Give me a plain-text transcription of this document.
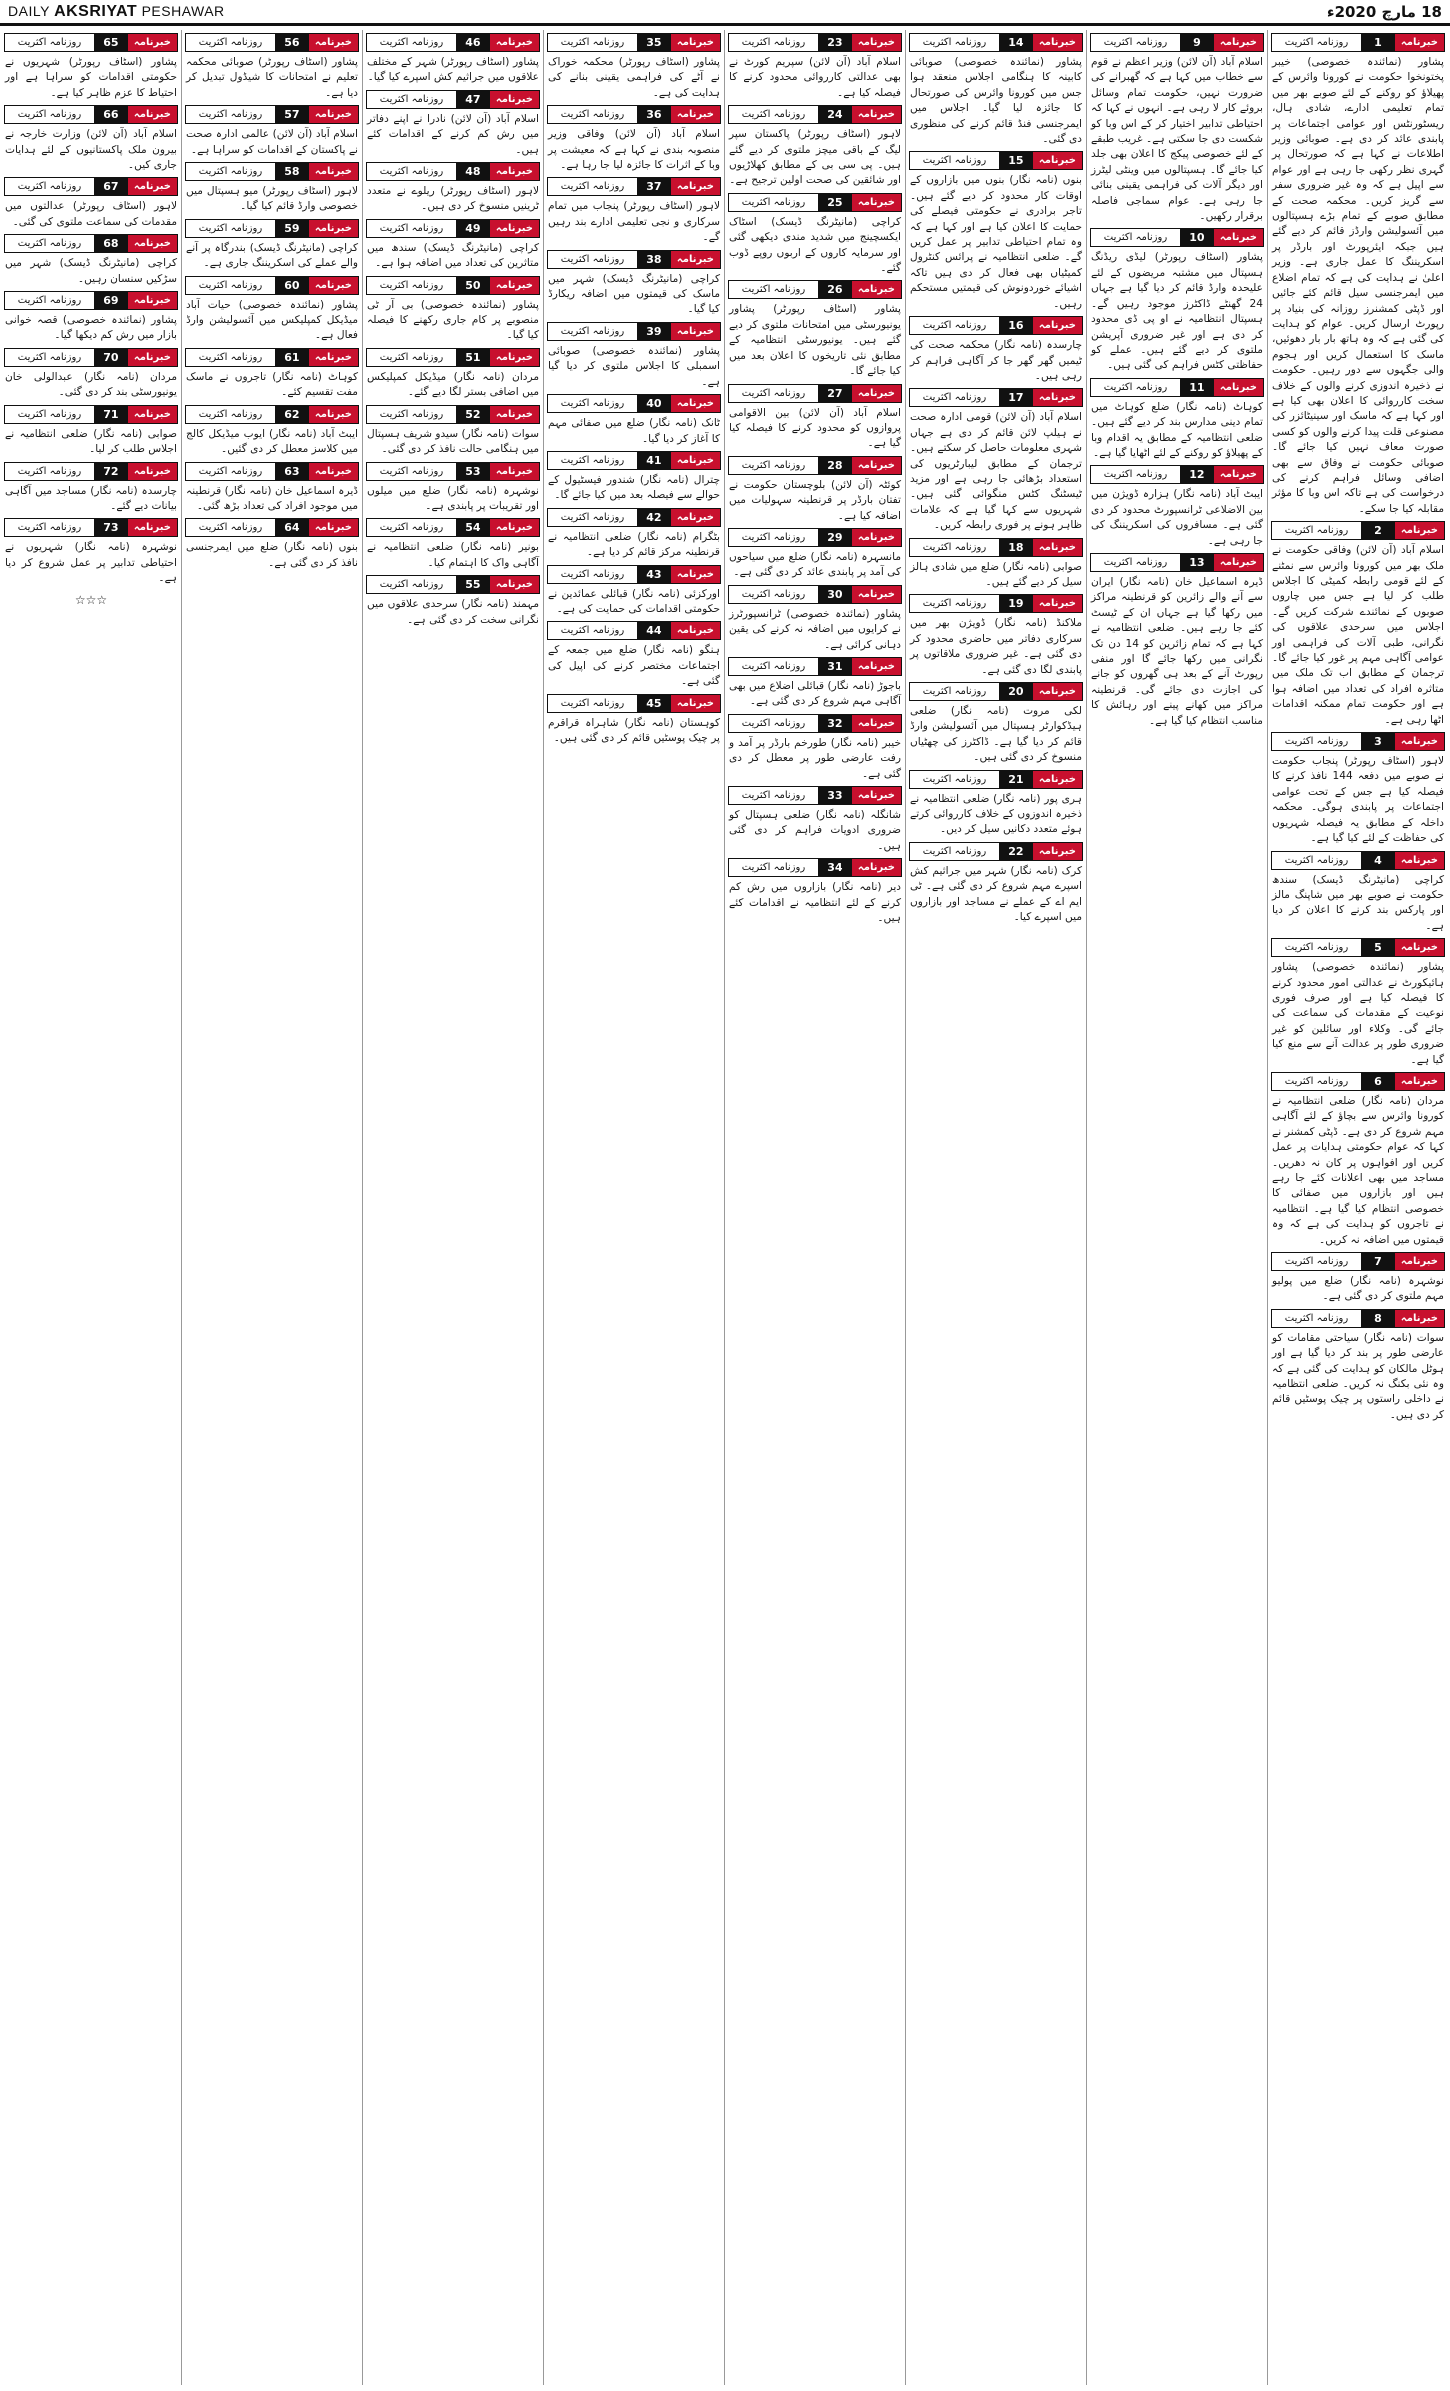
DAILY AKSRIYAT PESHAWAR	18 مارچ 2020ء
خبرنامہ
1
روزنامہ اکثریت

پشاور (نمائندہ خصوصی) خیبر پختونخوا حکومت نے کورونا وائرس کے پھیلاؤ کو روکنے کے لئے صوبے بھر میں تمام تعلیمی ادارے، شادی ہال، ریسٹورنٹس اور عوامی اجتماعات پر پابندی عائد کر دی ہے۔ صوبائی وزیر اطلاعات نے کہا ہے کہ صورتحال پر گہری نظر رکھی جا رہی ہے اور عوام سے اپیل ہے کہ وہ غیر ضروری سفر سے گریز کریں۔ محکمہ صحت کے مطابق صوبے کے تمام بڑے ہسپتالوں میں آئسولیشن وارڈز قائم کر دیے گئے ہیں جبکہ ایئرپورٹ اور بارڈر پر اسکریننگ کا عمل جاری ہے۔ وزیر اعلیٰ نے ہدایت کی ہے کہ تمام اضلاع میں ایمرجنسی سیل قائم کئے جائیں اور ڈپٹی کمشنرز روزانہ کی بنیاد پر رپورٹ ارسال کریں۔ عوام کو ہدایت کی گئی ہے کہ وہ ہاتھ بار بار دھوئیں، ماسک کا استعمال کریں اور ہجوم والی جگہوں سے دور رہیں۔ حکومت نے ذخیرہ اندوزی کرنے والوں کے خلاف سخت کارروائی کا اعلان بھی کیا ہے اور کہا ہے کہ ماسک اور سینیٹائزر کی مصنوعی قلت پیدا کرنے والوں کو کسی صورت معاف نہیں کیا جائے گا۔ صوبائی حکومت نے وفاق سے بھی اضافی وسائل فراہم کرنے کی درخواست کی ہے تاکہ اس وبا کا مؤثر مقابلہ کیا جا سکے۔

خبرنامہ
2
روزنامہ اکثریت

اسلام آباد (آن لائن) وفاقی حکومت نے ملک بھر میں کورونا وائرس سے نمٹنے کے لئے قومی رابطہ کمیٹی کا اجلاس طلب کر لیا ہے جس میں چاروں صوبوں کے نمائندے شرکت کریں گے۔ اجلاس میں سرحدی علاقوں کی نگرانی، طبی آلات کی فراہمی اور عوامی آگاہی مہم پر غور کیا جائے گا۔ ترجمان کے مطابق اب تک ملک میں متاثرہ افراد کی تعداد میں اضافہ ہوا ہے اور حکومت تمام ممکنہ اقدامات اٹھا رہی ہے۔

خبرنامہ
3
روزنامہ اکثریت

لاہور (اسٹاف رپورٹر) پنجاب حکومت نے صوبے میں دفعہ 144 نافذ کرنے کا فیصلہ کیا ہے جس کے تحت عوامی اجتماعات پر پابندی ہوگی۔ محکمہ داخلہ کے مطابق یہ فیصلہ شہریوں کی حفاظت کے لئے کیا گیا ہے۔

خبرنامہ
4
روزنامہ اکثریت

کراچی (مانیٹرنگ ڈیسک) سندھ حکومت نے صوبے بھر میں شاپنگ مالز اور پارکس بند کرنے کا اعلان کر دیا ہے۔

خبرنامہ
5
روزنامہ اکثریت

پشاور (نمائندہ خصوصی) پشاور ہائیکورٹ نے عدالتی امور محدود کرنے کا فیصلہ کیا ہے اور صرف فوری نوعیت کے مقدمات کی سماعت کی جائے گی۔ وکلاء اور سائلین کو غیر ضروری طور پر عدالت آنے سے منع کیا گیا ہے۔

خبرنامہ
6
روزنامہ اکثریت

مردان (نامہ نگار) ضلعی انتظامیہ نے کورونا وائرس سے بچاؤ کے لئے آگاہی مہم شروع کر دی ہے۔ ڈپٹی کمشنر نے کہا کہ عوام حکومتی ہدایات پر عمل کریں اور افواہوں پر کان نہ دھریں۔ مساجد میں بھی اعلانات کئے جا رہے ہیں اور بازاروں میں صفائی کا خصوصی انتظام کیا گیا ہے۔ انتظامیہ نے تاجروں کو ہدایت کی ہے کہ وہ قیمتوں میں اضافہ نہ کریں۔

خبرنامہ
7
روزنامہ اکثریت

نوشہرہ (نامہ نگار) ضلع میں پولیو مہم ملتوی کر دی گئی ہے۔

خبرنامہ
8
روزنامہ اکثریت

سوات (نامہ نگار) سیاحتی مقامات کو عارضی طور پر بند کر دیا گیا ہے اور ہوٹل مالکان کو ہدایت کی گئی ہے کہ وہ نئی بکنگ نہ کریں۔ ضلعی انتظامیہ نے داخلی راستوں پر چیک پوسٹیں قائم کر دی ہیں۔

خبرنامہ
9
روزنامہ اکثریت

اسلام آباد (آن لائن) وزیر اعظم نے قوم سے خطاب میں کہا ہے کہ گھبرانے کی ضرورت نہیں، حکومت تمام وسائل بروئے کار لا رہی ہے۔ انہوں نے کہا کہ احتیاطی تدابیر اختیار کر کے اس وبا کو شکست دی جا سکتی ہے۔ غریب طبقے کے لئے خصوصی پیکج کا اعلان بھی جلد کیا جائے گا۔ ہسپتالوں میں وینٹی لیٹرز اور دیگر آلات کی فراہمی یقینی بنائی جا رہی ہے۔ عوام سماجی فاصلہ برقرار رکھیں۔

خبرنامہ
10
روزنامہ اکثریت

پشاور (اسٹاف رپورٹر) لیڈی ریڈنگ ہسپتال میں مشتبہ مریضوں کے لئے علیحدہ وارڈ قائم کر دیا گیا ہے جہاں 24 گھنٹے ڈاکٹرز موجود رہیں گے۔ ہسپتال انتظامیہ نے او پی ڈی محدود کر دی ہے اور غیر ضروری آپریشن ملتوی کر دیے گئے ہیں۔ عملے کو حفاظتی کٹس فراہم کی گئی ہیں۔

خبرنامہ
11
روزنامہ اکثریت

کوہاٹ (نامہ نگار) ضلع کوہاٹ میں تمام دینی مدارس بند کر دیے گئے ہیں۔ ضلعی انتظامیہ کے مطابق یہ اقدام وبا کے پھیلاؤ کو روکنے کے لئے اٹھایا گیا ہے۔

خبرنامہ
12
روزنامہ اکثریت

ایبٹ آباد (نامہ نگار) ہزارہ ڈویژن میں بین الاضلاعی ٹرانسپورٹ محدود کر دی گئی ہے۔ مسافروں کی اسکریننگ کی جا رہی ہے۔

خبرنامہ
13
روزنامہ اکثریت

ڈیرہ اسماعیل خان (نامہ نگار) ایران سے آنے والے زائرین کو قرنطینہ مراکز میں رکھا گیا ہے جہاں ان کے ٹیسٹ کئے جا رہے ہیں۔ ضلعی انتظامیہ نے کہا ہے کہ تمام زائرین کو 14 دن تک نگرانی میں رکھا جائے گا اور منفی رپورٹ آنے کے بعد ہی گھروں کو جانے کی اجازت دی جائے گی۔ قرنطینہ مراکز میں کھانے پینے اور رہائش کا مناسب انتظام کیا گیا ہے۔

خبرنامہ
14
روزنامہ اکثریت

پشاور (نمائندہ خصوصی) صوبائی کابینہ کا ہنگامی اجلاس منعقد ہوا جس میں کورونا وائرس کی صورتحال کا جائزہ لیا گیا۔ اجلاس میں ایمرجنسی فنڈ قائم کرنے کی منظوری دی گئی۔

خبرنامہ
15
روزنامہ اکثریت

بنوں (نامہ نگار) بنوں میں بازاروں کے اوقات کار محدود کر دیے گئے ہیں۔ تاجر برادری نے حکومتی فیصلے کی حمایت کا اعلان کیا ہے اور کہا ہے کہ وہ تمام احتیاطی تدابیر پر عمل کریں گے۔ ضلعی انتظامیہ نے پرائس کنٹرول کمیٹیاں بھی فعال کر دی ہیں تاکہ اشیائے خوردونوش کی قیمتیں مستحکم رہیں۔

خبرنامہ
16
روزنامہ اکثریت

چارسدہ (نامہ نگار) محکمہ صحت کی ٹیمیں گھر گھر جا کر آگاہی فراہم کر رہی ہیں۔

خبرنامہ
17
روزنامہ اکثریت

اسلام آباد (آن لائن) قومی ادارہ صحت نے ہیلپ لائن قائم کر دی ہے جہاں شہری معلومات حاصل کر سکتے ہیں۔ ترجمان کے مطابق لیبارٹریوں کی استعداد بڑھائی جا رہی ہے اور مزید ٹیسٹنگ کٹس منگوائی گئی ہیں۔ شہریوں سے کہا گیا ہے کہ علامات ظاہر ہونے پر فوری رابطہ کریں۔

خبرنامہ
18
روزنامہ اکثریت

صوابی (نامہ نگار) ضلع میں شادی ہالز سیل کر دیے گئے ہیں۔

خبرنامہ
19
روزنامہ اکثریت

ملاکنڈ (نامہ نگار) ڈویژن بھر میں سرکاری دفاتر میں حاضری محدود کر دی گئی ہے۔ غیر ضروری ملاقاتوں پر پابندی لگا دی گئی ہے۔

خبرنامہ
20
روزنامہ اکثریت

لکی مروت (نامہ نگار) ضلعی ہیڈکوارٹر ہسپتال میں آئسولیشن وارڈ قائم کر دیا گیا ہے۔ ڈاکٹرز کی چھٹیاں منسوخ کر دی گئی ہیں۔

خبرنامہ
21
روزنامہ اکثریت

ہری پور (نامہ نگار) ضلعی انتظامیہ نے ذخیرہ اندوزوں کے خلاف کارروائی کرتے ہوئے متعدد دکانیں سیل کر دیں۔

خبرنامہ
22
روزنامہ اکثریت

کرک (نامہ نگار) شہر میں جراثیم کش اسپرے مہم شروع کر دی گئی ہے۔ ٹی ایم اے کے عملے نے مساجد اور بازاروں میں اسپرے کیا۔

خبرنامہ
23
روزنامہ اکثریت

اسلام آباد (آن لائن) سپریم کورٹ نے بھی عدالتی کارروائی محدود کرنے کا فیصلہ کیا ہے۔

خبرنامہ
24
روزنامہ اکثریت

لاہور (اسٹاف رپورٹر) پاکستان سپر لیگ کے باقی میچز ملتوی کر دیے گئے ہیں۔ پی سی بی کے مطابق کھلاڑیوں اور شائقین کی صحت اولین ترجیح ہے۔

خبرنامہ
25
روزنامہ اکثریت

کراچی (مانیٹرنگ ڈیسک) اسٹاک ایکسچینج میں شدید مندی دیکھی گئی اور سرمایہ کاروں کے اربوں روپے ڈوب گئے۔

خبرنامہ
26
روزنامہ اکثریت

پشاور (اسٹاف رپورٹر) پشاور یونیورسٹی میں امتحانات ملتوی کر دیے گئے ہیں۔ یونیورسٹی انتظامیہ کے مطابق نئی تاریخوں کا اعلان بعد میں کیا جائے گا۔

خبرنامہ
27
روزنامہ اکثریت

اسلام آباد (آن لائن) بین الاقوامی پروازوں کو محدود کرنے کا فیصلہ کیا گیا ہے۔

خبرنامہ
28
روزنامہ اکثریت

کوئٹہ (آن لائن) بلوچستان حکومت نے تفتان بارڈر پر قرنطینہ سہولیات میں اضافہ کیا ہے۔

خبرنامہ
29
روزنامہ اکثریت

مانسہرہ (نامہ نگار) ضلع میں سیاحوں کی آمد پر پابندی عائد کر دی گئی ہے۔

خبرنامہ
30
روزنامہ اکثریت

پشاور (نمائندہ خصوصی) ٹرانسپورٹرز نے کرایوں میں اضافہ نہ کرنے کی یقین دہانی کرائی ہے۔

خبرنامہ
31
روزنامہ اکثریت

باجوڑ (نامہ نگار) قبائلی اضلاع میں بھی آگاہی مہم شروع کر دی گئی ہے۔

خبرنامہ
32
روزنامہ اکثریت

خیبر (نامہ نگار) طورخم بارڈر پر آمد و رفت عارضی طور پر معطل کر دی گئی ہے۔

خبرنامہ
33
روزنامہ اکثریت

شانگلہ (نامہ نگار) ضلعی ہسپتال کو ضروری ادویات فراہم کر دی گئی ہیں۔

خبرنامہ
34
روزنامہ اکثریت

دیر (نامہ نگار) بازاروں میں رش کم کرنے کے لئے انتظامیہ نے اقدامات کئے ہیں۔

خبرنامہ
35
روزنامہ اکثریت

پشاور (اسٹاف رپورٹر) محکمہ خوراک نے آٹے کی فراہمی یقینی بنانے کی ہدایت کی ہے۔

خبرنامہ
36
روزنامہ اکثریت

اسلام آباد (آن لائن) وفاقی وزیر منصوبہ بندی نے کہا ہے کہ معیشت پر وبا کے اثرات کا جائزہ لیا جا رہا ہے۔

خبرنامہ
37
روزنامہ اکثریت

لاہور (اسٹاف رپورٹر) پنجاب میں تمام سرکاری و نجی تعلیمی ادارے بند رہیں گے۔

خبرنامہ
38
روزنامہ اکثریت

کراچی (مانیٹرنگ ڈیسک) شہر میں ماسک کی قیمتوں میں اضافہ ریکارڈ کیا گیا۔

خبرنامہ
39
روزنامہ اکثریت

پشاور (نمائندہ خصوصی) صوبائی اسمبلی کا اجلاس ملتوی کر دیا گیا ہے۔

خبرنامہ
40
روزنامہ اکثریت

ٹانک (نامہ نگار) ضلع میں صفائی مہم کا آغاز کر دیا گیا۔

خبرنامہ
41
روزنامہ اکثریت

چترال (نامہ نگار) شندور فیسٹیول کے حوالے سے فیصلہ بعد میں کیا جائے گا۔

خبرنامہ
42
روزنامہ اکثریت

بٹگرام (نامہ نگار) ضلعی انتظامیہ نے قرنطینہ مرکز قائم کر دیا ہے۔

خبرنامہ
43
روزنامہ اکثریت

اورکزئی (نامہ نگار) قبائلی عمائدین نے حکومتی اقدامات کی حمایت کی ہے۔

خبرنامہ
44
روزنامہ اکثریت

ہنگو (نامہ نگار) ضلع میں جمعہ کے اجتماعات مختصر کرنے کی اپیل کی گئی ہے۔

خبرنامہ
45
روزنامہ اکثریت

کوہستان (نامہ نگار) شاہراہ قراقرم پر چیک پوسٹیں قائم کر دی گئی ہیں۔

خبرنامہ
46
روزنامہ اکثریت

پشاور (اسٹاف رپورٹر) شہر کے مختلف علاقوں میں جراثیم کش اسپرے کیا گیا۔

خبرنامہ
47
روزنامہ اکثریت

اسلام آباد (آن لائن) نادرا نے اپنے دفاتر میں رش کم کرنے کے اقدامات کئے ہیں۔

خبرنامہ
48
روزنامہ اکثریت

لاہور (اسٹاف رپورٹر) ریلوے نے متعدد ٹرینیں منسوخ کر دی ہیں۔

خبرنامہ
49
روزنامہ اکثریت

کراچی (مانیٹرنگ ڈیسک) سندھ میں متاثرین کی تعداد میں اضافہ ہوا ہے۔

خبرنامہ
50
روزنامہ اکثریت

پشاور (نمائندہ خصوصی) بی آر ٹی منصوبے پر کام جاری رکھنے کا فیصلہ کیا گیا۔

خبرنامہ
51
روزنامہ اکثریت

مردان (نامہ نگار) میڈیکل کمپلیکس میں اضافی بستر لگا دیے گئے۔

خبرنامہ
52
روزنامہ اکثریت

سوات (نامہ نگار) سیدو شریف ہسپتال میں ہنگامی حالت نافذ کر دی گئی۔

خبرنامہ
53
روزنامہ اکثریت

نوشہرہ (نامہ نگار) ضلع میں میلوں اور تقریبات پر پابندی ہے۔

خبرنامہ
54
روزنامہ اکثریت

بونیر (نامہ نگار) ضلعی انتظامیہ نے آگاہی واک کا اہتمام کیا۔

خبرنامہ
55
روزنامہ اکثریت

مہمند (نامہ نگار) سرحدی علاقوں میں نگرانی سخت کر دی گئی ہے۔

خبرنامہ
56
روزنامہ اکثریت

پشاور (اسٹاف رپورٹر) صوبائی محکمہ تعلیم نے امتحانات کا شیڈول تبدیل کر دیا ہے۔

خبرنامہ
57
روزنامہ اکثریت

اسلام آباد (آن لائن) عالمی ادارہ صحت نے پاکستان کے اقدامات کو سراہا ہے۔

خبرنامہ
58
روزنامہ اکثریت

لاہور (اسٹاف رپورٹر) میو ہسپتال میں خصوصی وارڈ قائم کیا گیا۔

خبرنامہ
59
روزنامہ اکثریت

کراچی (مانیٹرنگ ڈیسک) بندرگاہ پر آنے والے عملے کی اسکریننگ جاری ہے۔

خبرنامہ
60
روزنامہ اکثریت

پشاور (نمائندہ خصوصی) حیات آباد میڈیکل کمپلیکس میں آئسولیشن وارڈ فعال ہے۔

خبرنامہ
61
روزنامہ اکثریت

کوہاٹ (نامہ نگار) تاجروں نے ماسک مفت تقسیم کئے۔

خبرنامہ
62
روزنامہ اکثریت

ایبٹ آباد (نامہ نگار) ایوب میڈیکل کالج میں کلاسز معطل کر دی گئیں۔

خبرنامہ
63
روزنامہ اکثریت

ڈیرہ اسماعیل خان (نامہ نگار) قرنطینہ میں موجود افراد کی تعداد بڑھ گئی۔

خبرنامہ
64
روزنامہ اکثریت

بنوں (نامہ نگار) ضلع میں ایمرجنسی نافذ کر دی گئی ہے۔

خبرنامہ
65
روزنامہ اکثریت

پشاور (اسٹاف رپورٹر) شہریوں نے حکومتی اقدامات کو سراہا ہے اور احتیاط کا عزم ظاہر کیا ہے۔

خبرنامہ
66
روزنامہ اکثریت

اسلام آباد (آن لائن) وزارت خارجہ نے بیرون ملک پاکستانیوں کے لئے ہدایات جاری کیں۔

خبرنامہ
67
روزنامہ اکثریت

لاہور (اسٹاف رپورٹر) عدالتوں میں مقدمات کی سماعت ملتوی کی گئی۔

خبرنامہ
68
روزنامہ اکثریت

کراچی (مانیٹرنگ ڈیسک) شہر میں سڑکیں سنسان رہیں۔

خبرنامہ
69
روزنامہ اکثریت

پشاور (نمائندہ خصوصی) قصہ خوانی بازار میں رش کم دیکھا گیا۔

خبرنامہ
70
روزنامہ اکثریت

مردان (نامہ نگار) عبدالولی خان یونیورسٹی بند کر دی گئی۔

خبرنامہ
71
روزنامہ اکثریت

صوابی (نامہ نگار) ضلعی انتظامیہ نے اجلاس طلب کر لیا۔

خبرنامہ
72
روزنامہ اکثریت

چارسدہ (نامہ نگار) مساجد میں آگاہی بیانات دیے گئے۔

خبرنامہ
73
روزنامہ اکثریت

نوشہرہ (نامہ نگار) شہریوں نے احتیاطی تدابیر پر عمل شروع کر دیا ہے۔

☆☆☆
